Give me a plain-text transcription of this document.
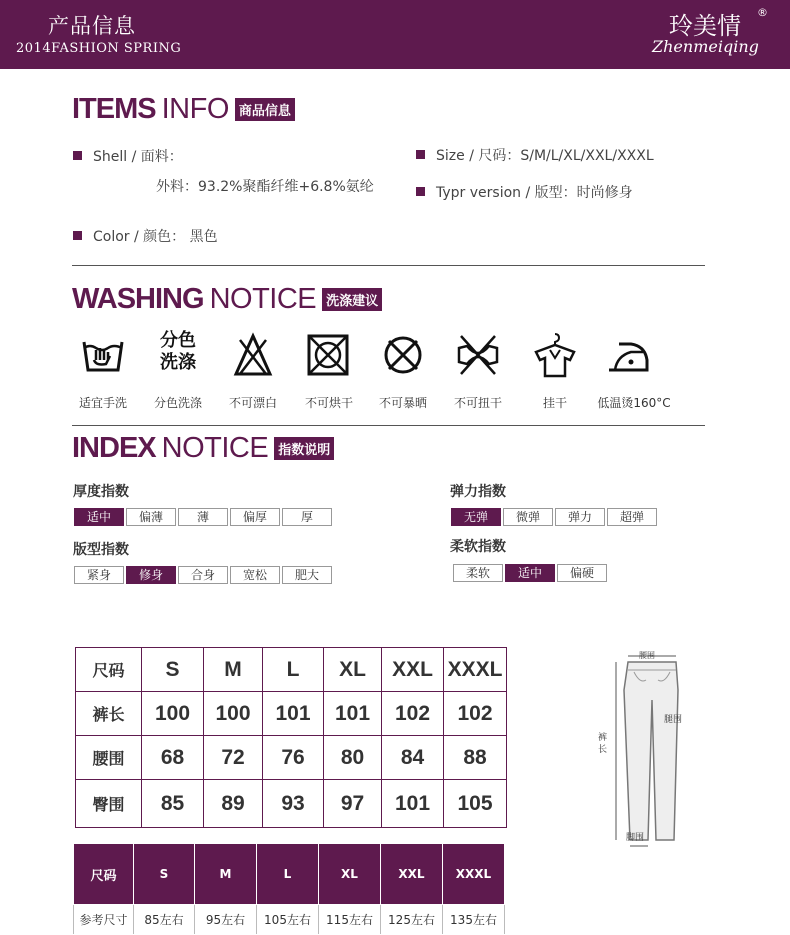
产品信息
2014FASHION SPRING
玲美情
Zhenmeiqing
®
ITEMS INFO 商品信息
Shell / 面料：
外料：93.2%聚酯纤维+6.8%氨纶
Color / 颜色： 黑色
Size / 尺码：S/M/L/XL/XXL/XXXL
Typr version / 版型：时尚修身
WASHING NOTICE 洗涤建议
分色
洗涤
适宜手洗	分色洗涤	不可漂白	不可烘干	不可暴晒	不可扭干	挂干	低温烫160°C
INDEX NOTICE 指数说明
厚度指数
适中	偏薄	薄	偏厚	厚
版型指数
紧身	修身	合身	宽松	肥大
弹力指数
无弹	微弹	弹力	超弹
柔软指数
柔软	适中	偏硬
尺码	S	M	L	XL	XXL	XXXL
裤长	100	100	101	101	102	102
腰围	68	72	76	80	84	88
臀围	85	89	93	97	101	105
腰围
腿围
裤长
脚围
尺码	S	M	L	XL	XXL	XXXL
参考尺寸	85左右	95左右	105左右	115左右	125左右	135左右
